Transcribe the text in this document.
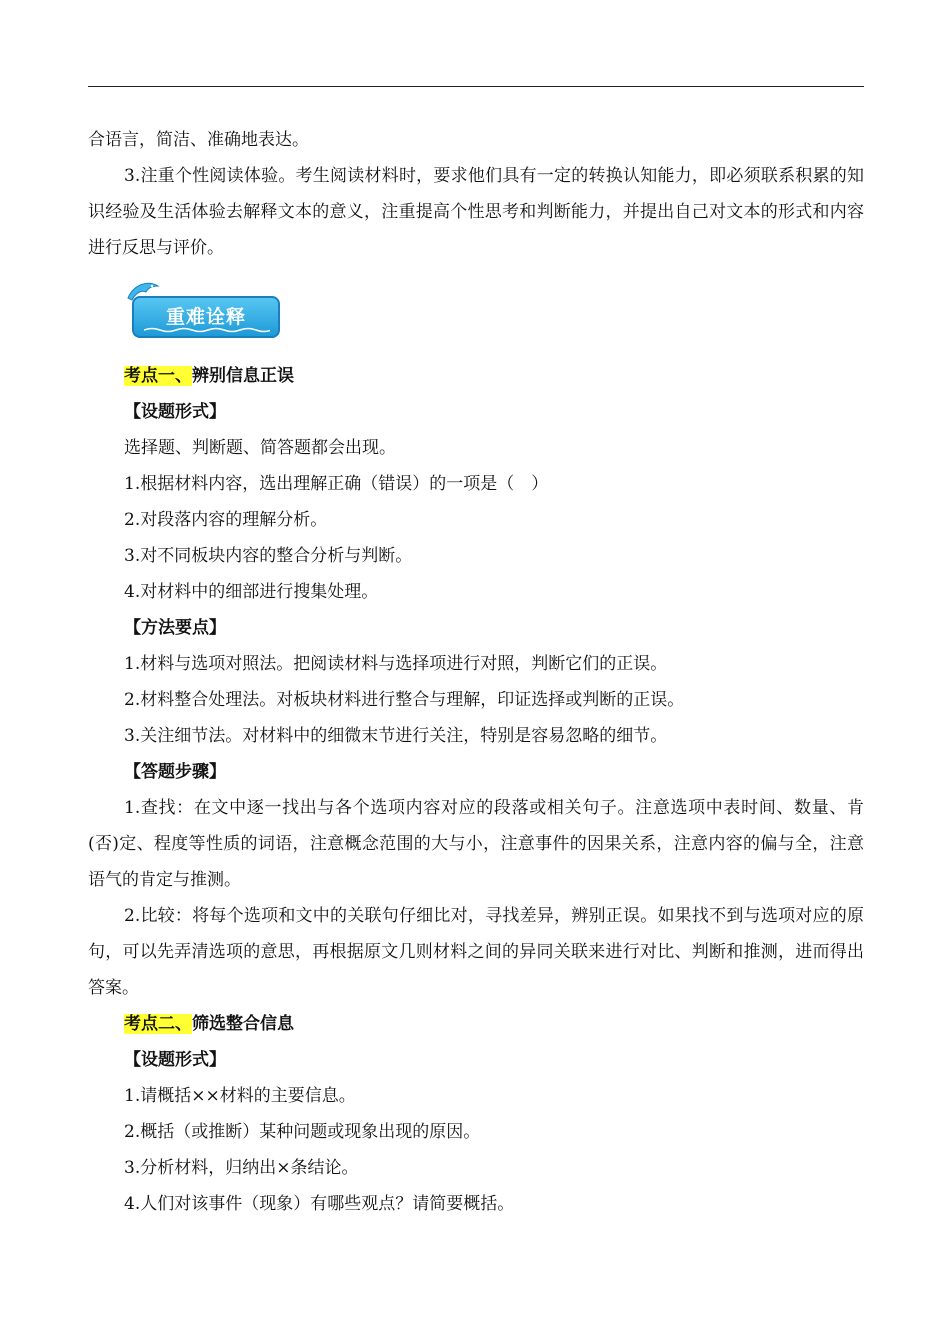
合语言，简洁、准确地表达。

3.注重个性阅读体验。考生阅读材料时，要求他们具有一定的转换认知能力，即必须联系积累的知识经验及生活体验去解释文本的意义，注重提高个性思考和判断能力，并提出自己对文本的形式和内容进行反思与评价。

重难诠释
考点一、辨别信息正误
【设题形式】
选择题、判断题、简答题都会出现。
1.根据材料内容，选出理解正确（错误）的一项是（　）
2.对段落内容的理解分析。
3.对不同板块内容的整合分析与判断。
4.对材料中的细部进行搜集处理。
【方法要点】
1.材料与选项对照法。把阅读材料与选择项进行对照，判断它们的正误。
2.材料整合处理法。对板块材料进行整合与理解，印证选择或判断的正误。
3.关注细节法。对材料中的细微末节进行关注，特别是容易忽略的细节。
【答题步骤】

1.查找：在文中逐一找出与各个选项内容对应的段落或相关句子。注意选项中表时间、数量、肯(否)定、程度等性质的词语，注意概念范围的大与小，注意事件的因果关系，注意内容的偏与全，注意语气的肯定与推测。

2.比较：将每个选项和文中的关联句仔细比对，寻找差异，辨别正误。如果找不到与选项对应的原句，可以先弄清选项的意思，再根据原文几则材料之间的异同关联来进行对比、判断和推测，进而得出答案。

考点二、筛选整合信息
【设题形式】
1.请概括××材料的主要信息。
2.概括（或推断）某种问题或现象出现的原因。
3.分析材料，归纳出×条结论。
4.人们对该事件（现象）有哪些观点？请简要概括。
